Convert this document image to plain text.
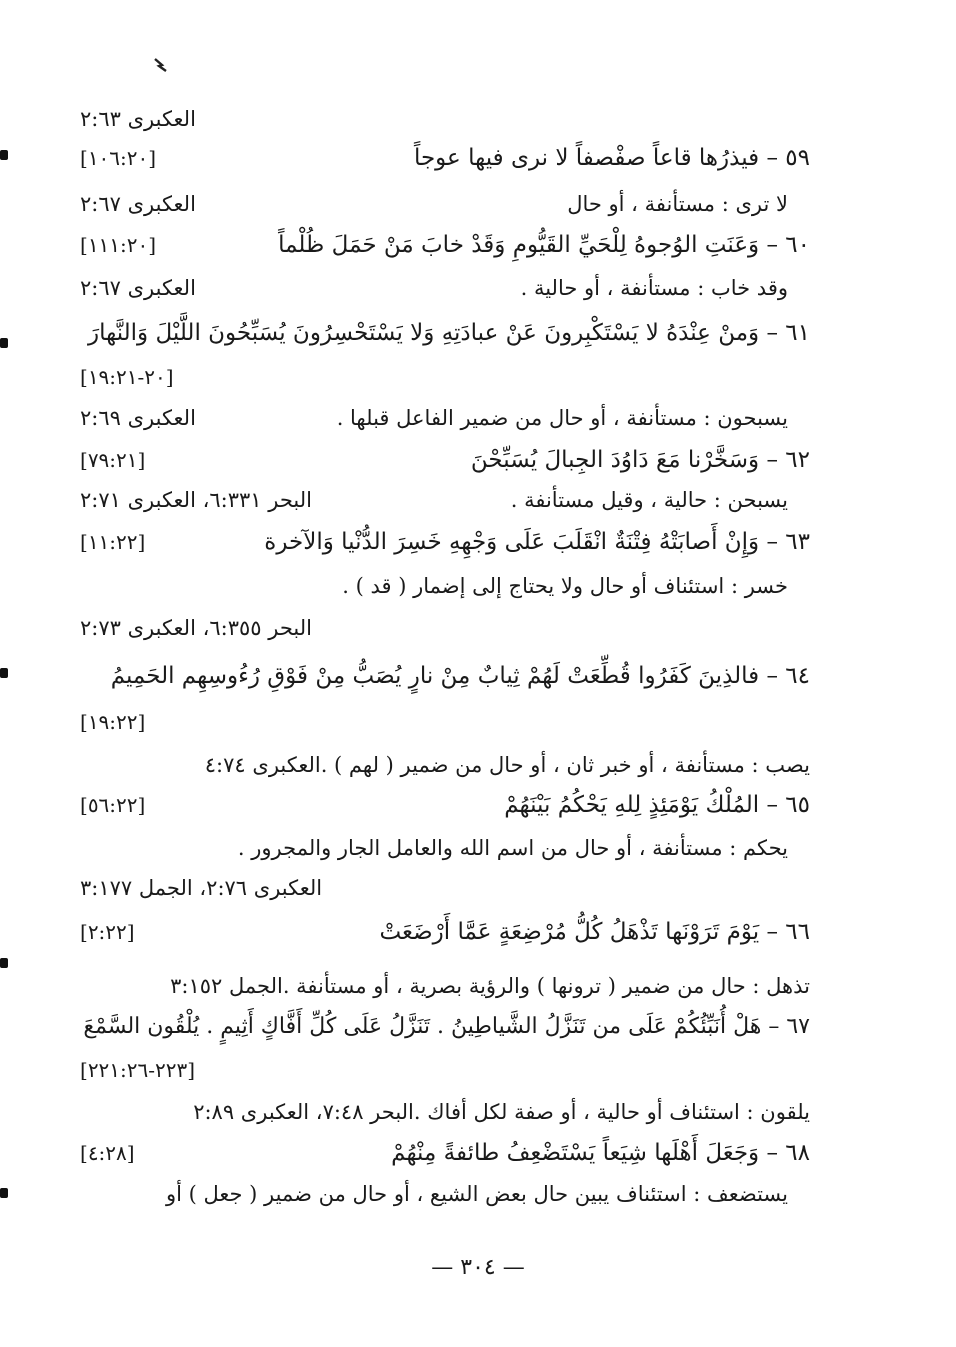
العكبرى ٢:٦٣
٥٩ – فيذرُها قاعاً صفْصفاً لا نرى فيها عوجاً
[١٠٦:٢٠]
لا ترى : مستأنفة ، أو حال
العكبرى ٢:٦٧
٦٠ – وَعَنَتِ الوُجوهُ لِلْحَيِّ القَيُّومِ وَقَدْ خابَ مَنْ حَمَلَ ظُلْماً
[١١١:٢٠]
وقد خاب : مستأنفة ، أو حالية .
العكبرى ٢:٦٧
٦١ – وَمنْ عِنْدَهُ لا يَسْتَكْبِرونَ عَنْ عبادَتِهِ وَلا يَسْتَحْسِرُونَ يُسَبِّحُونَ اللَّيْلَ وَالنَّهارَ
[٢٠-١٩:٢١]
يسبحون : مستأنفة ، أو حال من ضمير الفاعل قبلها .
العكبرى ٢:٦٩
٦٢ – وَسَخَّرْنا مَعَ دَاوُدَ الجِبالَ يُسَبِّحْنَ
[٧٩:٢١]
يسبحن : حالية ، وقيل مستأنفة .
البحر ٦:٣٣١، العكبرى ٢:٧١
٦٣ – وَإِنْ أَصابَتْهُ فِتْنَةٌ انْقَلَبَ عَلَى وَجْهِهِ خَسِرَ الدُّنْيا وَالآخرة
[١١:٢٢]
خسر : استئناف أو حال ولا يحتاج إلى إضمار ( قد ) .
البحر ٦:٣٥٥، العكبرى ٢:٧٣
٦٤ – فالذِينَ كَفَرُوا قُطِّعَتْ لَهُمْ ثِيابٌ مِنْ نارٍ يُصَبُّ مِنْ فَوْقِ رُءُوسِهِم الحَمِيمُ
[١٩:٢٢]
يصب : مستأنفة ، أو خبر ثان ، أو حال من ضمير ( لهم ) .العكبرى ٤:٧٤
٦٥ – المُلْكُ يَوْمَئِذٍ لِلهِ يَحْكُمُ بَيْنَهُمْ
[٥٦:٢٢]
يحكم : مستأنفة ، أو حال من اسم الله والعامل الجار والمجرور .
العكبرى ٢:٧٦، الجمل ٣:١٧٧
٦٦ – يَوْمَ تَرَوْنَها تَذْهَلُ كُلُّ مُرْضِعَةٍ عَمَّا أَرْضَعَتْ
[٢:٢٢]
تذهل : حال من ضمير ( ترونها ) والرؤية بصرية ، أو مستأنفة .الجمل ٣:١٥٢
٦٧ – هَلْ أُنَبِّئُكُمْ عَلَى من تَنَزَّلُ الشَّياطِينُ . تَنَزَّلُ عَلَى كُلِّ أَفَّاكٍ أَثِيمٍ . يُلْقُون السَّمْعَ
[٢٢٣-٢٢١:٢٦]
يلقون : استئناف أو حالية ، أو صفة لكل أفاك .البحر ٧:٤٨، العكبرى ٢:٨٩
٦٨ – وَجَعَلَ أَهْلَها شِيَعاً يَسْتَضْعِفُ طائفةً مِنْهُمْ
[٤:٢٨]
يستضعف : استئناف يبين حال بعض الشيع ، أو حال من ضمير ( جعل ) أو
— ٣٠٤ —
